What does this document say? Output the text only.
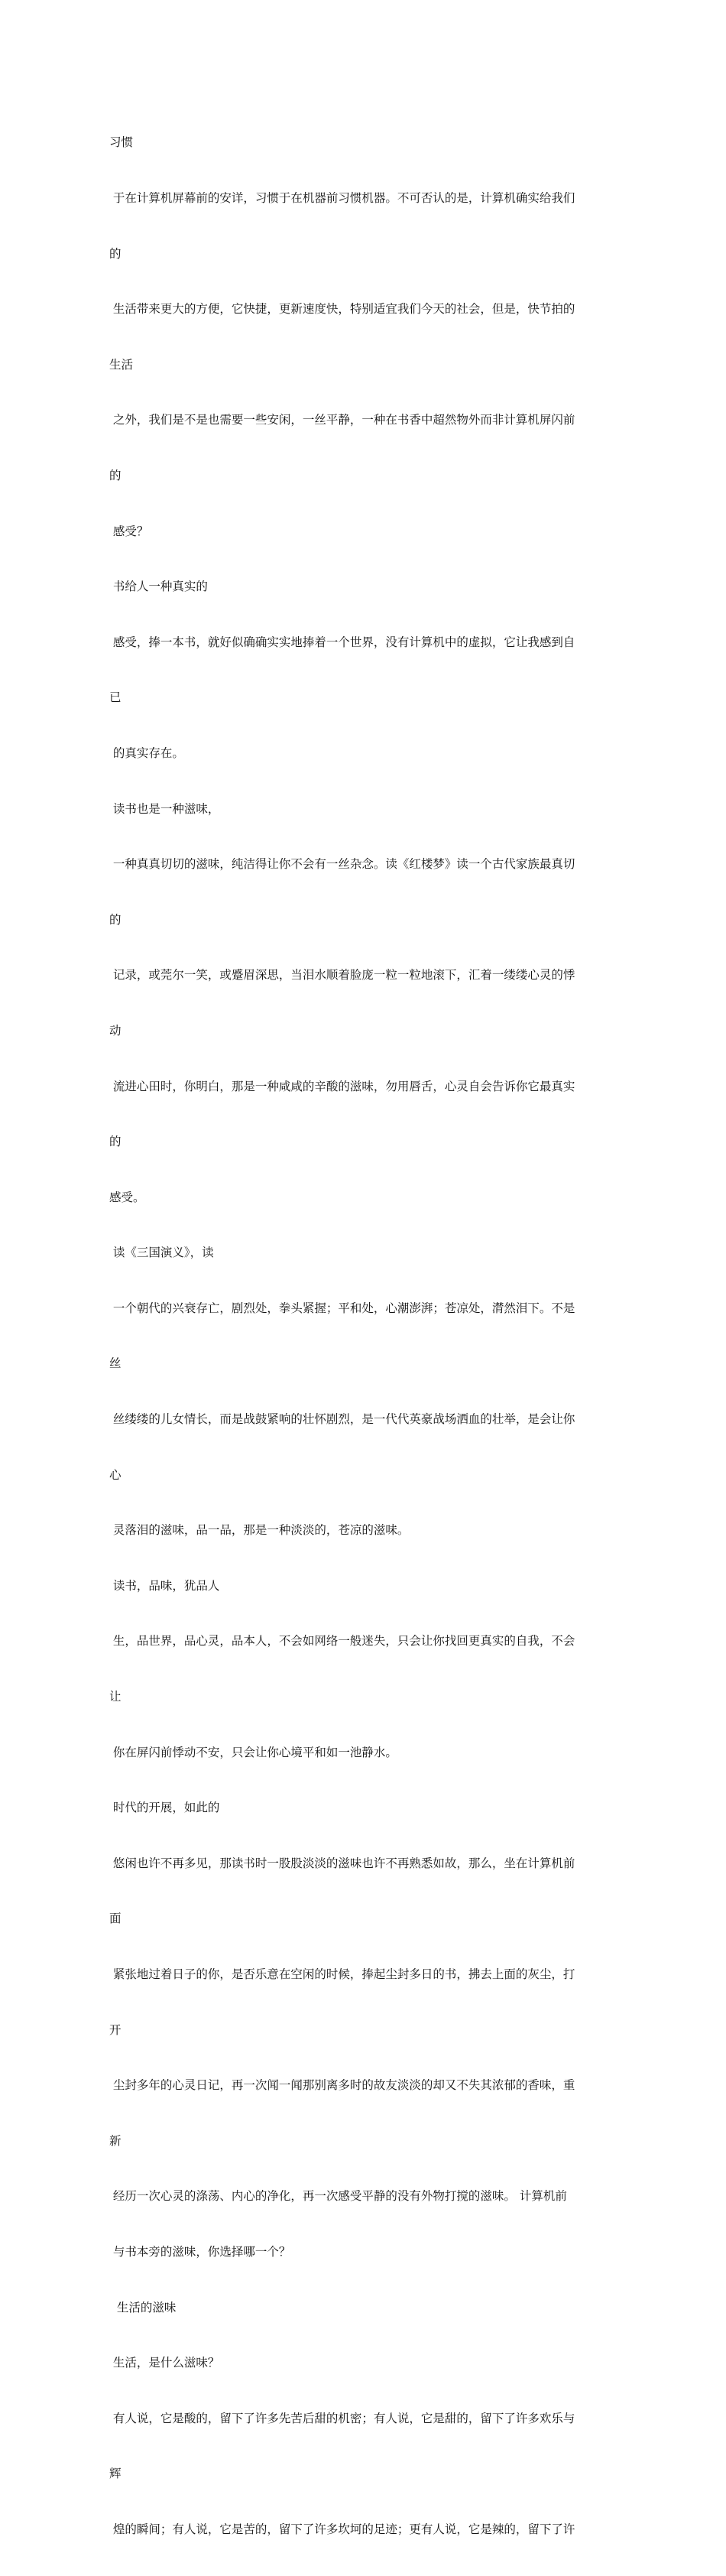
习惯

于在计算机屏幕前的安详，习惯于在机器前习惯机器。不可否认的是，计算机确实给我们

的

生活带来更大的方便，它快捷，更新速度快，特别适宜我们今天的社会，但是，快节拍的

生活

之外，我们是不是也需要一些安闲，一丝平静，一种在书香中超然物外而非计算机屏闪前

的

感受？

书给人一种真实的

感受，捧一本书，就好似确确实实地捧着一个世界，没有计算机中的虚拟，它让我感到自

已

的真实存在。

读书也是一种滋味，

一种真真切切的滋味，纯洁得让你不会有一丝杂念。读《红楼梦》读一个古代家族最真切

的

记录，或莞尔一笑，或蹙眉深思，当泪水顺着脸庞一粒一粒地滚下，汇着一缕缕心灵的悸

动

流进心田时，你明白，那是一种咸咸的辛酸的滋味，勿用唇舌，心灵自会告诉你它最真实

的

感受。

读《三国演义》，读

一个朝代的兴衰存亡，剧烈处，拳头紧握；平和处，心潮澎湃；苍凉处，潸然泪下。不是

丝

丝缕缕的儿女情长，而是战鼓紧响的壮怀剧烈，是一代代英豪战场洒血的壮举，是会让你

心

灵落泪的滋味，品一品，那是一种淡淡的，苍凉的滋味。

读书，品味，犹品人

生，品世界，品心灵，品本人，不会如网络一般迷失，只会让你找回更真实的自我，不会

让

你在屏闪前悸动不安，只会让你心境平和如一池静水。

时代的开展，如此的

悠闲也许不再多见，那读书时一股股淡淡的滋味也许不再熟悉如故，那么，坐在计算机前

面

紧张地过着日子的你，是否乐意在空闲的时候，捧起尘封多日的书，拂去上面的灰尘，打

开

尘封多年的心灵日记，再一次闻一闻那别离多时的故友淡淡的却又不失其浓郁的香味，重

新

经历一次心灵的涤荡、内心的净化，再一次感受平静的没有外物打搅的滋味。 计算机前

与书本旁的滋味，你选择哪一个？

生活的滋味

生活，是什么滋味？

有人说，它是酸的，留下了许多先苦后甜的机密；有人说，它是甜的，留下了许多欢乐与

辉

煌的瞬间；有人说，它是苦的，留下了许多坎坷的足迹；更有人说，它是辣的，留下了许
